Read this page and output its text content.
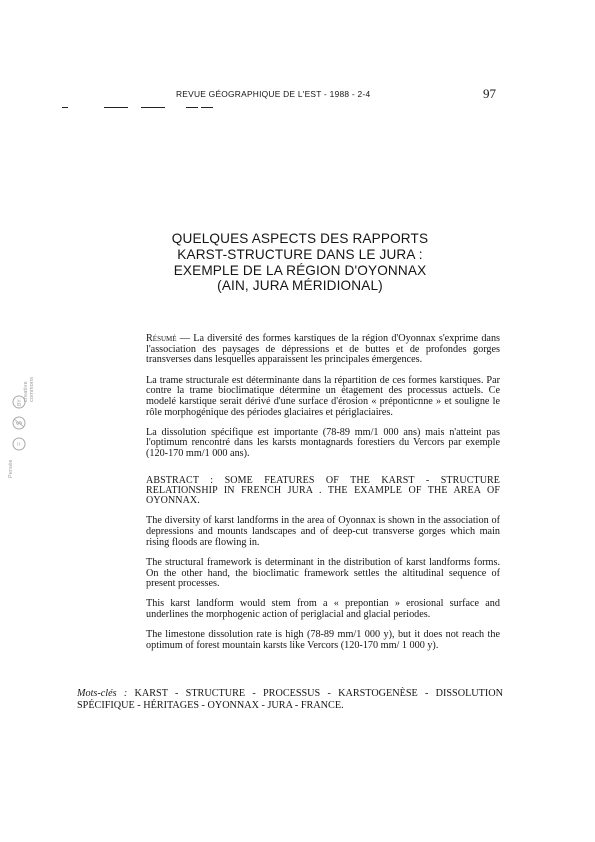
REVUE GÉOGRAPHIQUE DE L'EST - 1988 - 2-4	97
Persée
BY:
$
=
creative commons
QUELQUES ASPECTS DES RAPPORTS
KARST-STRUCTURE DANS LE JURA :
EXEMPLE DE LA RÉGION D'OYONNAX
(AIN, JURA MÉRIDIONAL)

Résumé — La diversité des formes karstiques de la région d'Oyonnax s'exprime dans l'association des paysages de dépressions et de buttes et de profondes gorges transverses dans lesquelles apparaissent les principales émergences.

La trame structurale est déterminante dans la répartition de ces formes karstiques. Par contre la trame bioclimatique détermine un étagement des processus actuels. Ce modelé karstique serait dérivé d'une surface d'érosion « préponticnne » et souligne le rôle morphogénique des périodes glaciaires et périglaciaires.

La dissolution spécifique est importante (78-89 mm/1 000 ans) mais n'atteint pas l'optimum rencontré dans les karsts montagnards forestiers du Vercors par exemple (120-170 mm/1 000 ans).

ABSTRACT : SOME FEATURES OF THE KARST - STRUCTURE RELATIONSHIP IN FRENCH JURA . THE EXAMPLE OF THE AREA OF OYONNAX.

The diversity of karst landforms in the area of Oyonnax is shown in the association of depressions and mounts landscapes and of deep-cut transverse gorges which main rising floods are flowing in.

The structural framework is determinant in the distribution of karst landforms forms. On the other hand, the bioclimatic framework settles the altitudinal sequence of present processes.

This karst landform would stem from a « prepontian » erosional surface and underlines the morphogenic action of periglacial and glacial periodes.

The limestone dissolution rate is high (78-89 mm/1 000 y), but it does not reach the optimum of forest mountain karsts like Vercors (120-170 mm/ 1 000 y).

Mots-clés : KARST - STRUCTURE - PROCESSUS - KARSTOGENÈSE - DISSOLUTION SPÉCIFIQUE - HÉRITAGES - OYONNAX - JURA - FRANCE.
